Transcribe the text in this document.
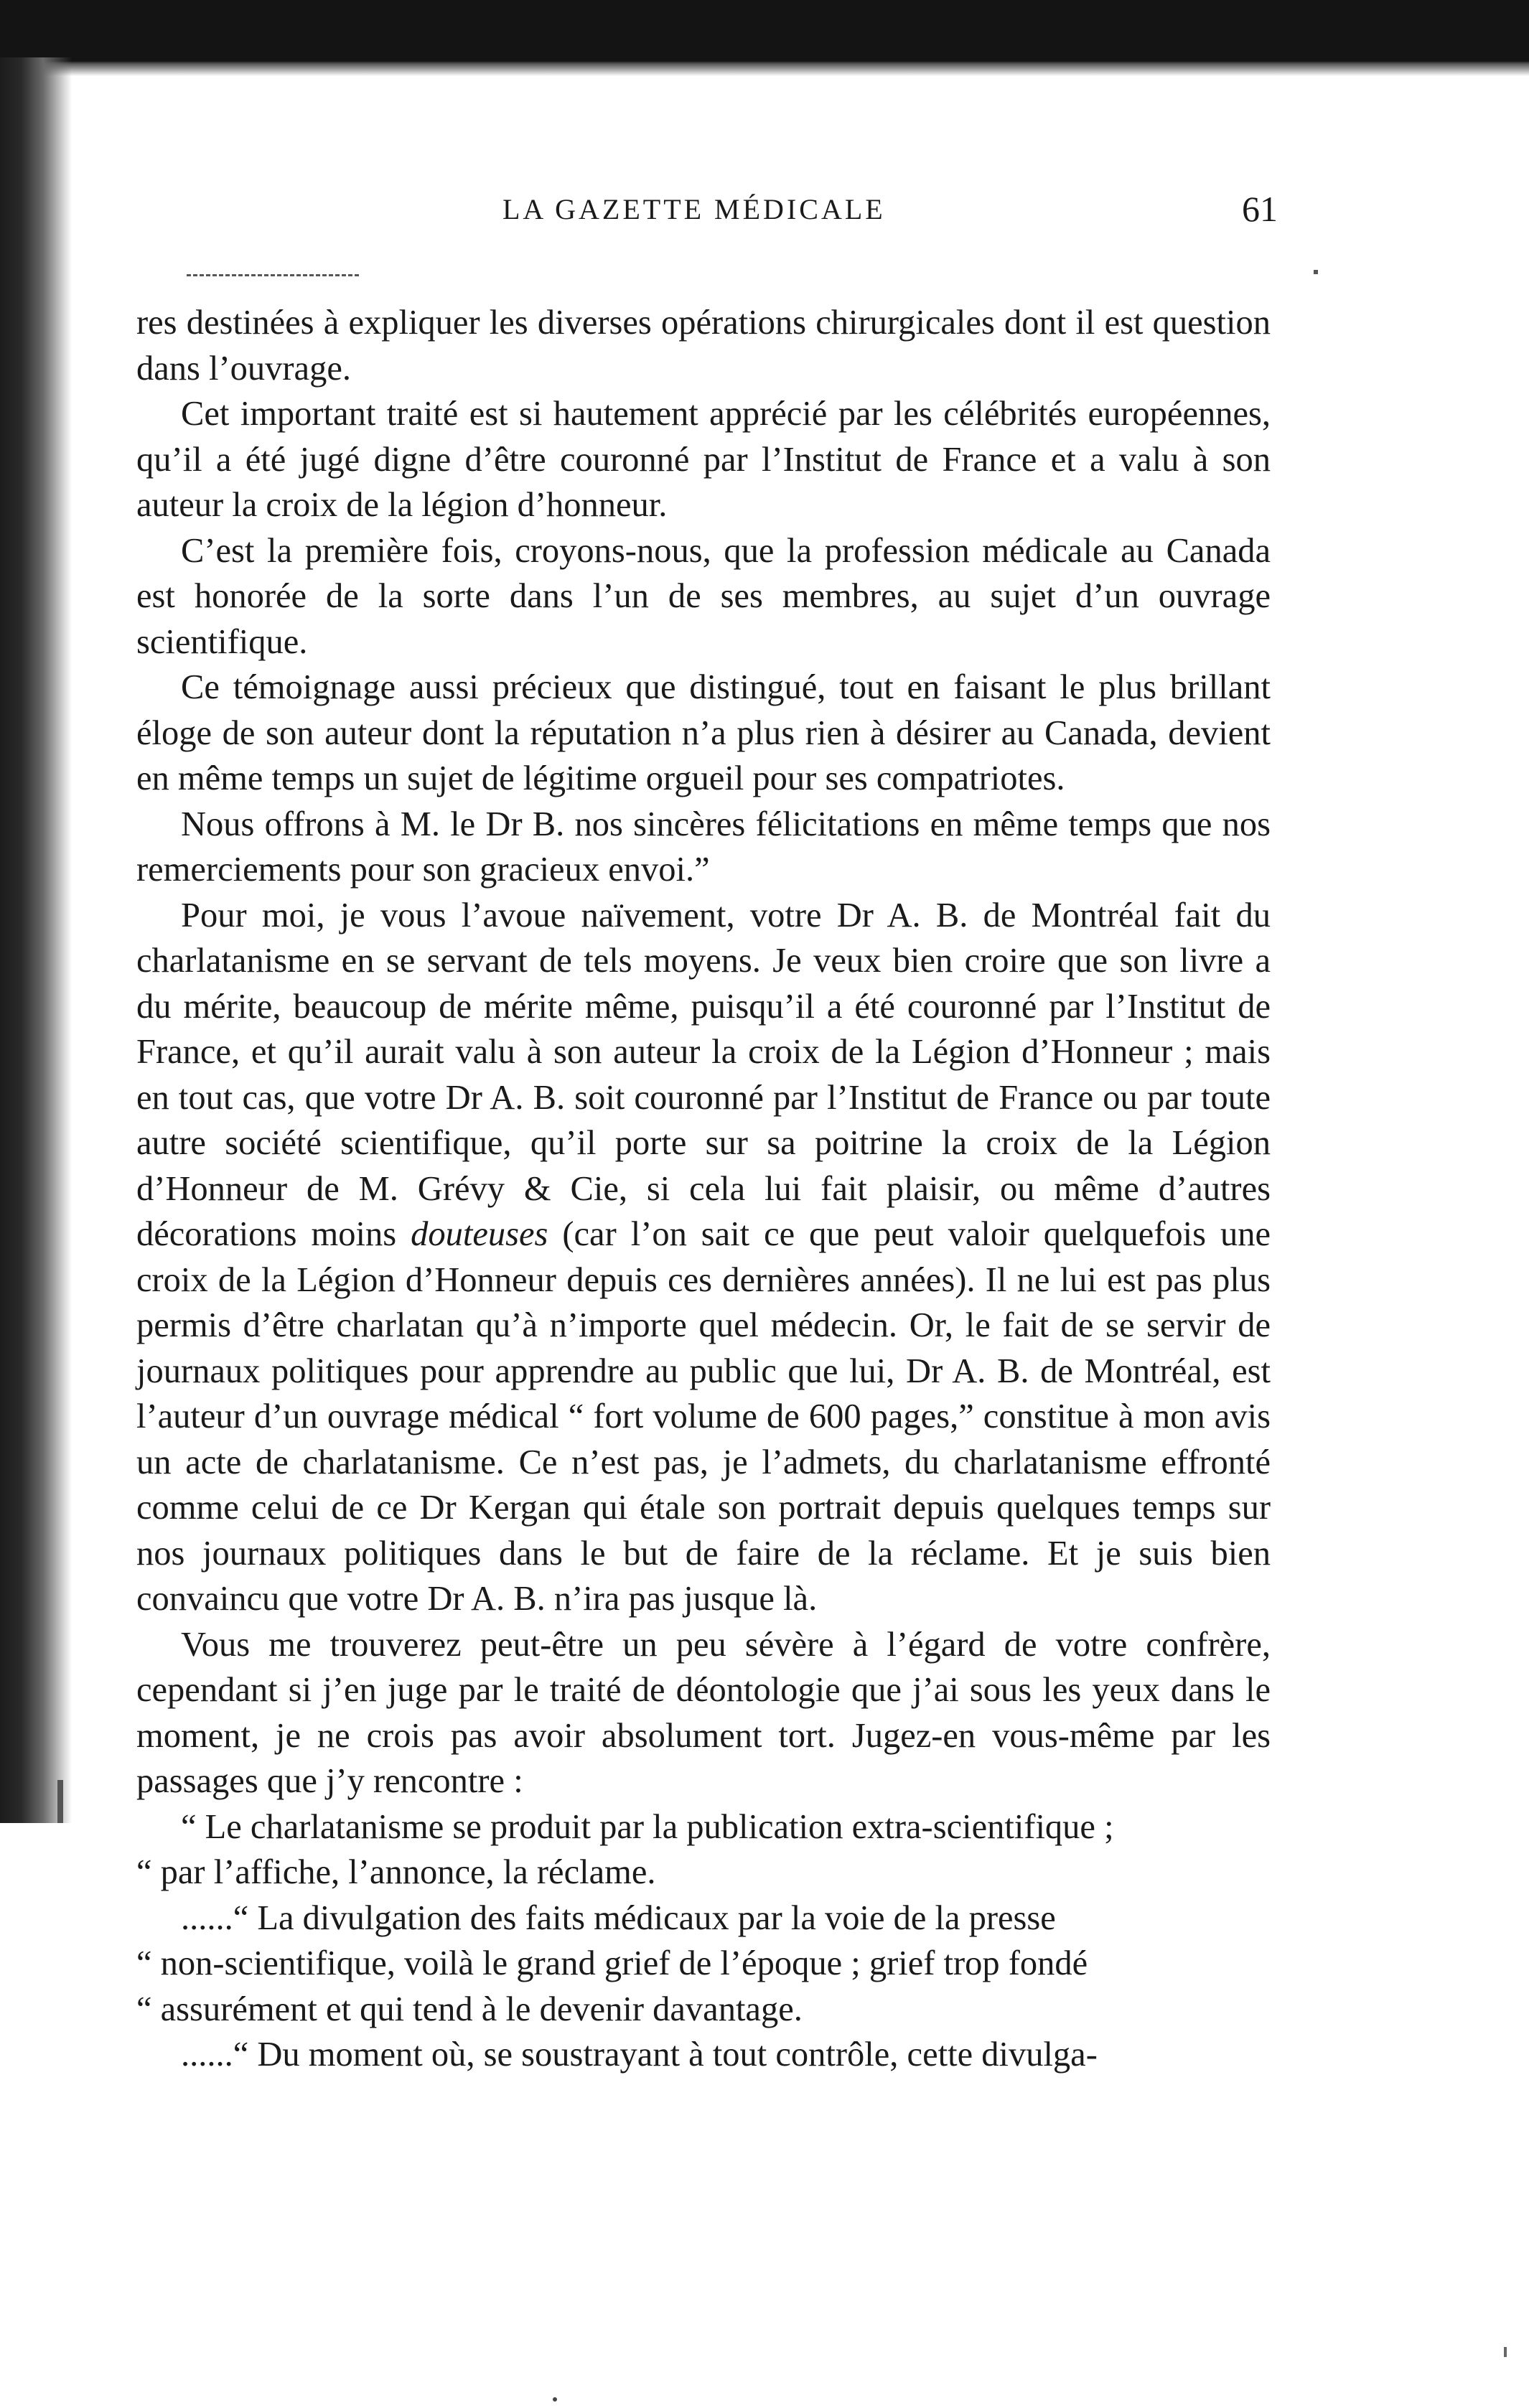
LA GAZETTE MÉDICALE	61

res destinées à expliquer les diverses opérations chirurgicales dont il est question dans l’ouvrage.

Cet important traité est si hautement apprécié par les célébrités européennes, qu’il a été jugé digne d’être couronné par l’Institut de France et a valu à son auteur la croix de la légion d’honneur.

C’est la première fois, croyons-nous, que la profession médicale au Canada est honorée de la sorte dans l’un de ses membres, au sujet d’un ouvrage scientifique.

Ce témoignage aussi précieux que distingué, tout en faisant le plus brillant éloge de son auteur dont la réputation n’a plus rien à désirer au Canada, devient en même temps un sujet de légitime orgueil pour ses compatriotes.

Nous offrons à M. le Dr B. nos sincères félicitations en même temps que nos remerciements pour son gracieux envoi.”

Pour moi, je vous l’avoue naïvement, votre Dr A. B. de Montréal fait du charlatanisme en se servant de tels moyens. Je veux bien croire que son livre a du mérite, beaucoup de mérite même, puisqu’il a été couronné par l’Institut de France, et qu’il aurait valu à son auteur la croix de la Légion d’Honneur ; mais en tout cas, que votre Dr A. B. soit couronné par l’Institut de France ou par toute autre société scientifique, qu’il porte sur sa poitrine la croix de la Légion d’Honneur de M. Grévy & Cie, si cela lui fait plaisir, ou même d’autres décorations moins douteuses (car l’on sait ce que peut valoir quelquefois une croix de la Légion d’Honneur depuis ces dernières années). Il ne lui est pas plus permis d’être charlatan qu’à n’importe quel médecin. Or, le fait de se servir de journaux politiques pour apprendre au public que lui, Dr A. B. de Montréal, est l’auteur d’un ouvrage médical “ fort volume de 600 pages,” constitue à mon avis un acte de charlatanisme. Ce n’est pas, je l’admets, du charlatanisme effronté comme celui de ce Dr Kergan qui étale son portrait depuis quelques temps sur nos journaux politiques dans le but de faire de la réclame. Et je suis bien convaincu que votre Dr A. B. n’ira pas jusque là.

Vous me trouverez peut-être un peu sévère à l’égard de votre confrère, cependant si j’en juge par le traité de déontologie que j’ai sous les yeux dans le moment, je ne crois pas avoir absolument tort. Jugez-en vous-même par les passages que j’y rencontre :

“ Le charlatanisme se produit par la publication extra-scientifique ;

“ par l’affiche, l’annonce, la réclame.

......“ La divulgation des faits médicaux par la voie de la presse

“ non-scientifique, voilà le grand grief de l’époque ; grief trop fondé

“ assurément et qui tend à le devenir davantage.

......“ Du moment où, se soustrayant à tout contrôle, cette divulga-
